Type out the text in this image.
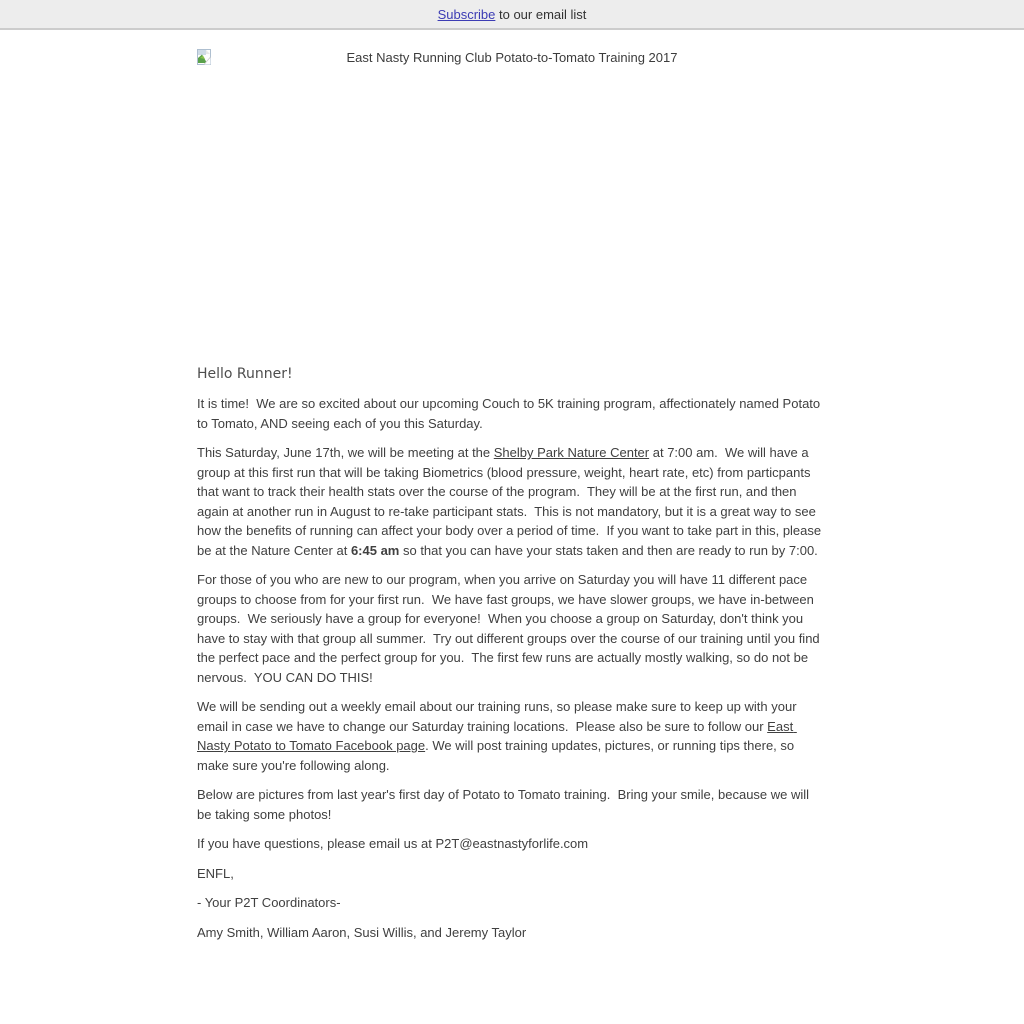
Subscribe to our email list
East Nasty Running Club Potato-to-Tomato Training 2017
Hello Runner!

It is time!  We are so excited about our upcoming Couch to 5K training program, affectionately named Potato to Tomato, AND seeing each of you this Saturday.

This Saturday, June 17th, we will be meeting at the Shelby Park Nature Center at 7:00 am.  We will have a group at this first run that will be taking Biometrics (blood pressure, weight, heart rate, etc) from particpants that want to track their health stats over the course of the program.  They will be at the first run, and then again at another run in August to re-take participant stats.  This is not mandatory, but it is a great way to see how the benefits of running can affect your body over a period of time.  If you want to take part in this, please be at the Nature Center at 6:45 am so that you can have your stats taken and then are ready to run by 7:00.

For those of you who are new to our program, when you arrive on Saturday you will have 11 different pace groups to choose from for your first run.  We have fast groups, we have slower groups, we have in-between groups.  We seriously have a group for everyone!  When you choose a group on Saturday, don't think you have to stay with that group all summer.  Try out different groups over the course of our training until you find the perfect pace and the perfect group for you.  The first few runs are actually mostly walking, so do not be nervous.  YOU CAN DO THIS!

We will be sending out a weekly email about our training runs, so please make sure to keep up with your email in case we have to change our Saturday training locations.  Please also be sure to follow our East Nasty Potato to Tomato Facebook page. We will post training updates, pictures, or running tips there, so make sure you're following along.

Below are pictures from last year's first day of Potato to Tomato training.  Bring your smile, because we will be taking some photos!

If you have questions, please email us at P2T@eastnastyforlife.com

ENFL,

- Your P2T Coordinators-

Amy Smith, William Aaron, Susi Willis, and Jeremy Taylor
